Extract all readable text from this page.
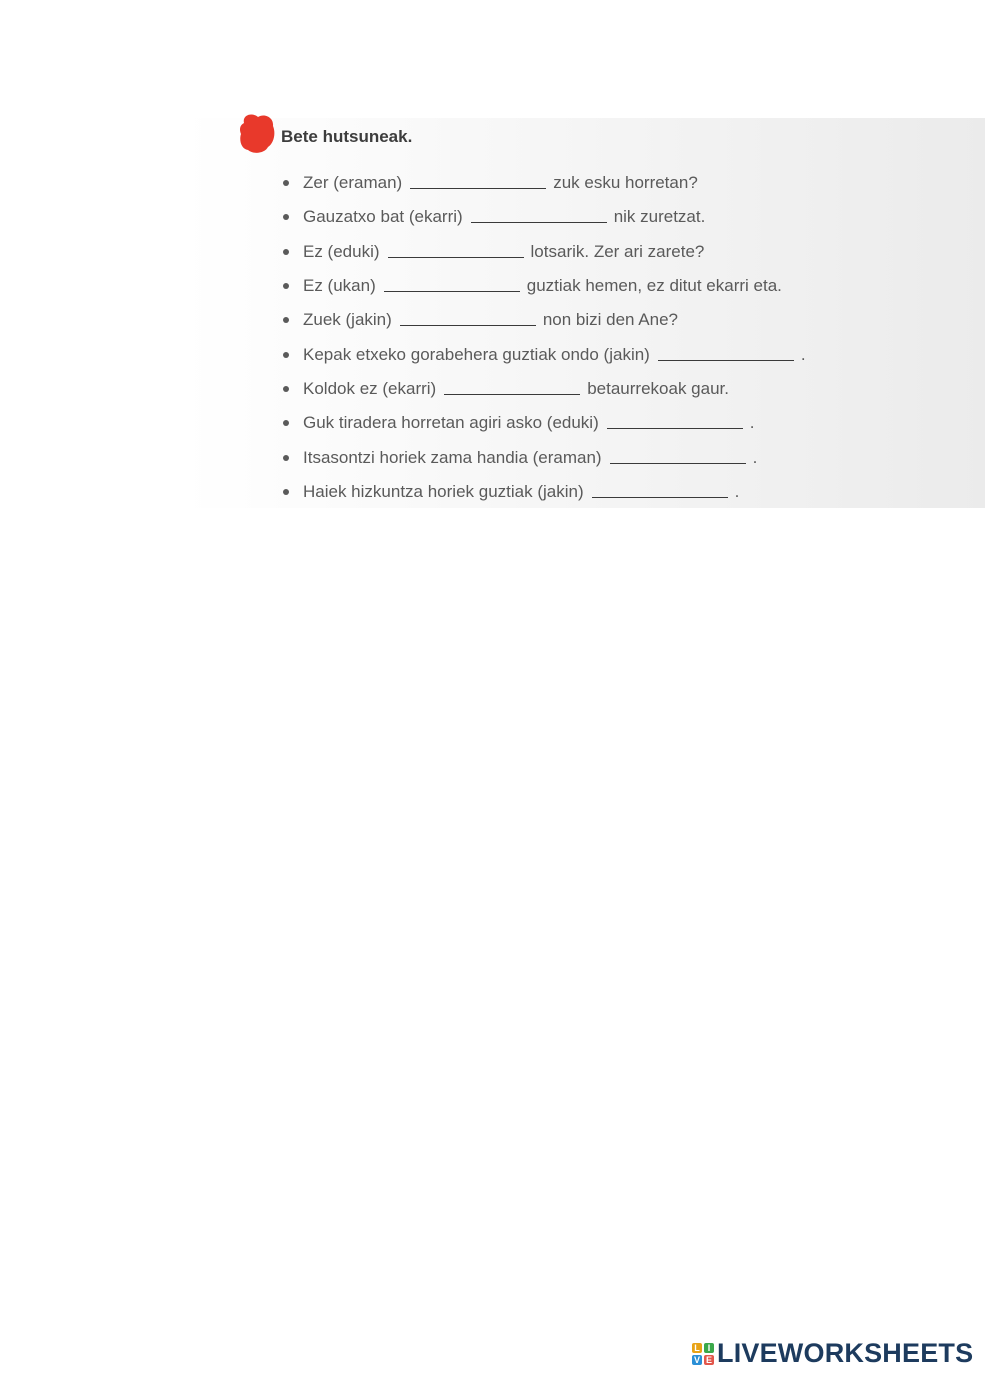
Bete hutsuneak.
Zer (eraman)	zuk esku horretan?
Gauzatxo bat (ekarri)	nik zuretzat.
Ez (eduki)	lotsarik. Zer ari zarete?
Ez (ukan)	guztiak hemen, ez ditut ekarri eta.
Zuek (jakin)	non bizi den Ane?
Kepak etxeko gorabehera guztiak ondo (jakin)	.
Koldok ez (ekarri)	betaurrekoak gaur.
Guk tiradera horretan agiri asko (eduki)	.
Itsasontzi horiek zama handia (eraman)	.
Haiek hizkuntza horiek guztiak (jakin)	.
L I
V E LIVEWORKSHEETS
